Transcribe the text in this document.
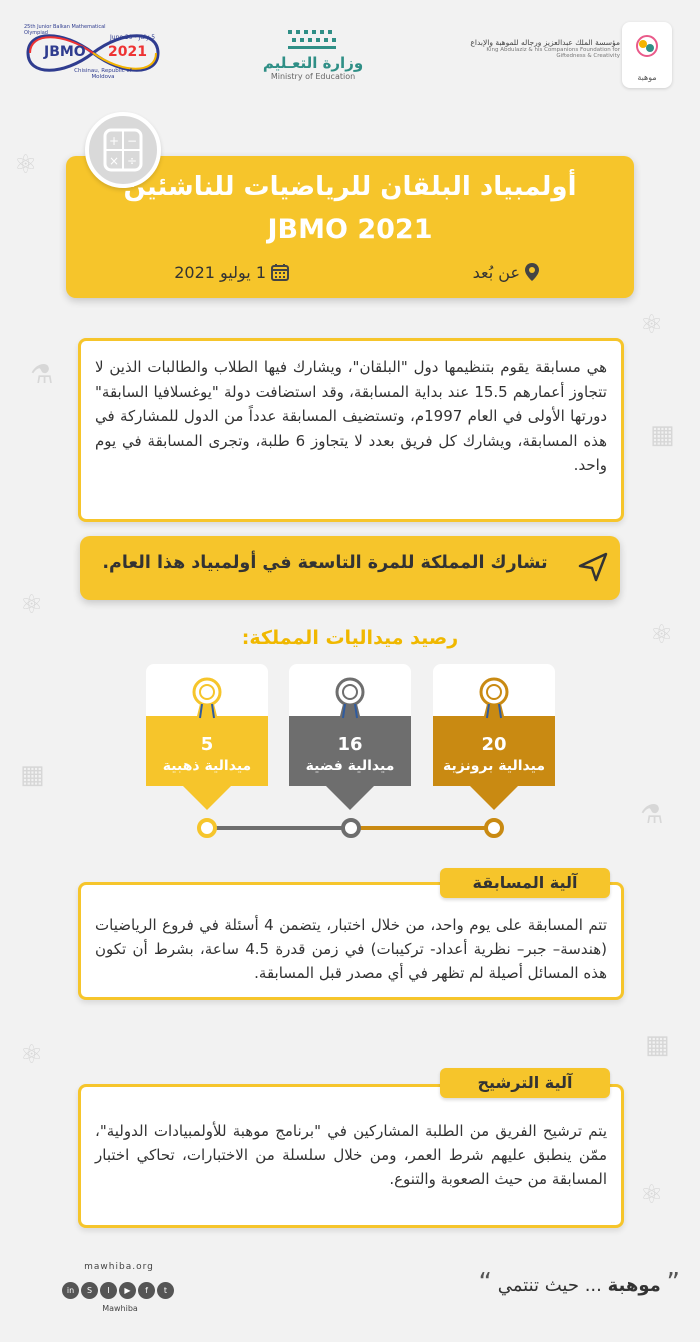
⚛
⚗
⚛
▦
⚛
⚛
▦
⚗
⚛	▦
⚛
25th Junior Balkan Mathematical Olympiad
JBMO
June 29 - July 5
2021
Chisinau, Republic of Moldova
وزارة التعـليم
Ministry of Education
مؤسسة الملك عبدالعزيز ورجاله للموهبة والإبداع
King Abdulaziz & his Companions Foundation for Giftedness & Creativity
موهبة
+ −
× ÷
أولمبياد البلقان للرياضيات للناشئين
JBMO 2021
عن بُعد
1 يوليو 2021

هي مسابقة يقوم بتنظيمها دول "البلقان"، ويشارك فيها الطلاب والطالبات الذين لا تتجاوز أعمارهم 15.5 عند بداية المسابقة، وقد استضافت دولة "يوغسلافيا السابقة" دورتها الأولى في العام 1997م، وتستضيف المسابقة عدداً من الدول للمشاركة في هذه المسابقة، ويشارك كل فريق بعدد لا يتجاوز 6 طلبة، وتجرى المسابقة في يوم واحد.

تشارك المملكة للمرة التاسعة في أولمبياد هذا العام.
رصيد ميداليات المملكة:
5
ميدالية ذهبية
16
ميدالية فضية
20
ميدالية برونزية

تتم المسابقة على يوم واحد، من خلال اختبار، يتضمن 4 أسئلة في فروع الرياضيات (هندسة– جبر– نظرية أعداد- تركيبات) في زمن قدرة 4.5 ساعة، بشرط أن تكون هذه المسائل أصيلة لم تظهر في أي مصدر قبل المسابقة.

آلية المسابقة

يتم ترشيح الفريق من الطلبة المشاركين في "برنامج موهبة للأولمبيادات الدولية"، ممّن ينطبق عليهم شرط العمر، ومن خلال سلسلة من الاختبارات، تحاكي اختبار المسابقة من حيث الصعوبة والتنوع.

آلية الترشيح
mawhiba.org
in S I ▶ f t
Mawhiba
” موهبة ... حيث تنتمي “
